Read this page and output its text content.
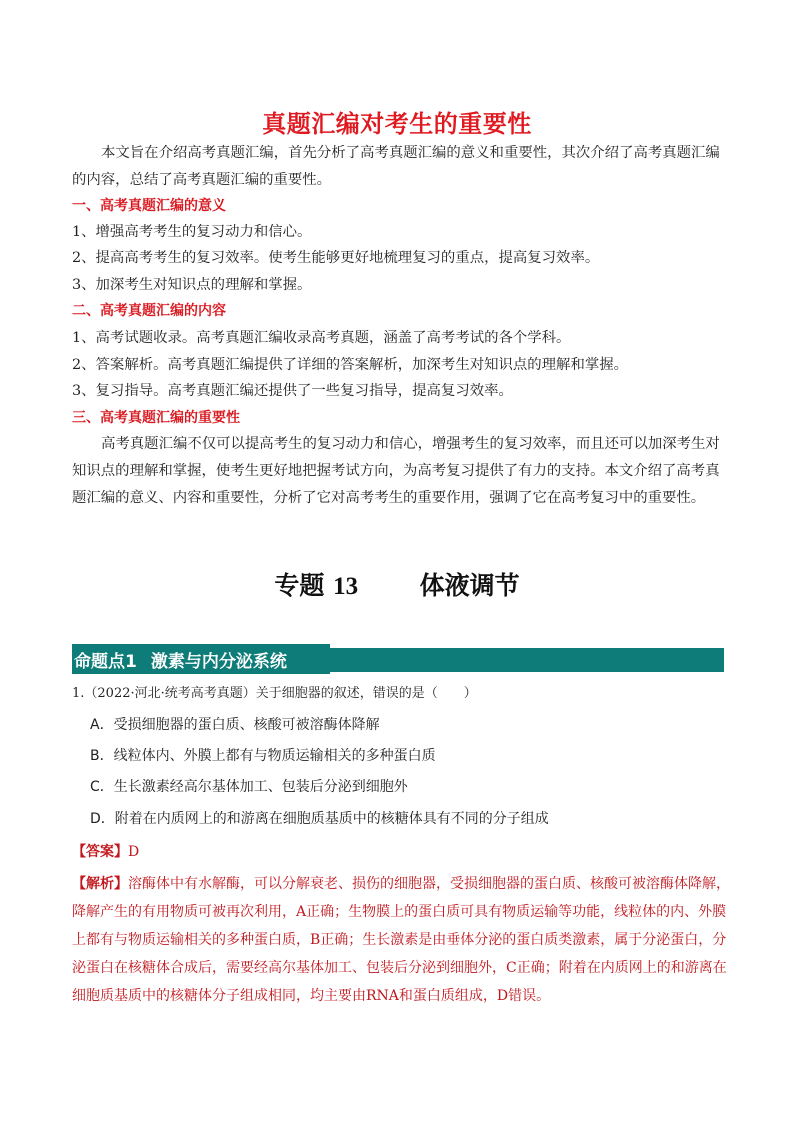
真题汇编对考生的重要性

本文旨在介绍高考真题汇编，首先分析了高考真题汇编的意义和重要性，其次介绍了高考真题汇编的内容，总结了高考真题汇编的重要性。

一、高考真题汇编的意义
1、增强高考考生的复习动力和信心。
2、提高高考考生的复习效率。使考生能够更好地梳理复习的重点，提高复习效率。
3、加深考生对知识点的理解和掌握。
二、高考真题汇编的内容
1、高考试题收录。高考真题汇编收录高考真题，涵盖了高考考试的各个学科。
2、答案解析。高考真题汇编提供了详细的答案解析，加深考生对知识点的理解和掌握。
3、复习指导。高考真题汇编还提供了一些复习指导，提高复习效率。
三、高考真题汇编的重要性

高考真题汇编不仅可以提高考生的复习动力和信心，增强考生的复习效率，而且还可以加深考生对知识点的理解和掌握，使考生更好地把握考试方向，为高考复习提供了有力的支持。本文介绍了高考真题汇编的意义、内容和重要性，分析了它对高考考生的重要作用，强调了它在高考复习中的重要性。

专题 13 体液调节
命题点1 激素与内分泌系统
1.（2022·河北·统考高考真题）关于细胞器的叙述，错误的是（　　）
A．受损细胞器的蛋白质、核酸可被溶酶体降解
B．线粒体内、外膜上都有与物质运输相关的多种蛋白质
C．生长激素经高尔基体加工、包装后分泌到细胞外
D．附着在内质网上的和游离在细胞质基质中的核糖体具有不同的分子组成
【答案】D

【解析】溶酶体中有水解酶，可以分解衰老、损伤的细胞器，受损细胞器的蛋白质、核酸可被溶酶体降解，降解产生的有用物质可被再次利用，A正确；生物膜上的蛋白质可具有物质运输等功能，线粒体的内、外膜上都有与物质运输相关的多种蛋白质，B正确；生长激素是由垂体分泌的蛋白质类激素，属于分泌蛋白，分泌蛋白在核糖体合成后，需要经高尔基体加工、包装后分泌到细胞外，C正确；附着在内质网上的和游离在细胞质基质中的核糖体分子组成相同，均主要由RNA和蛋白质组成，D错误。
